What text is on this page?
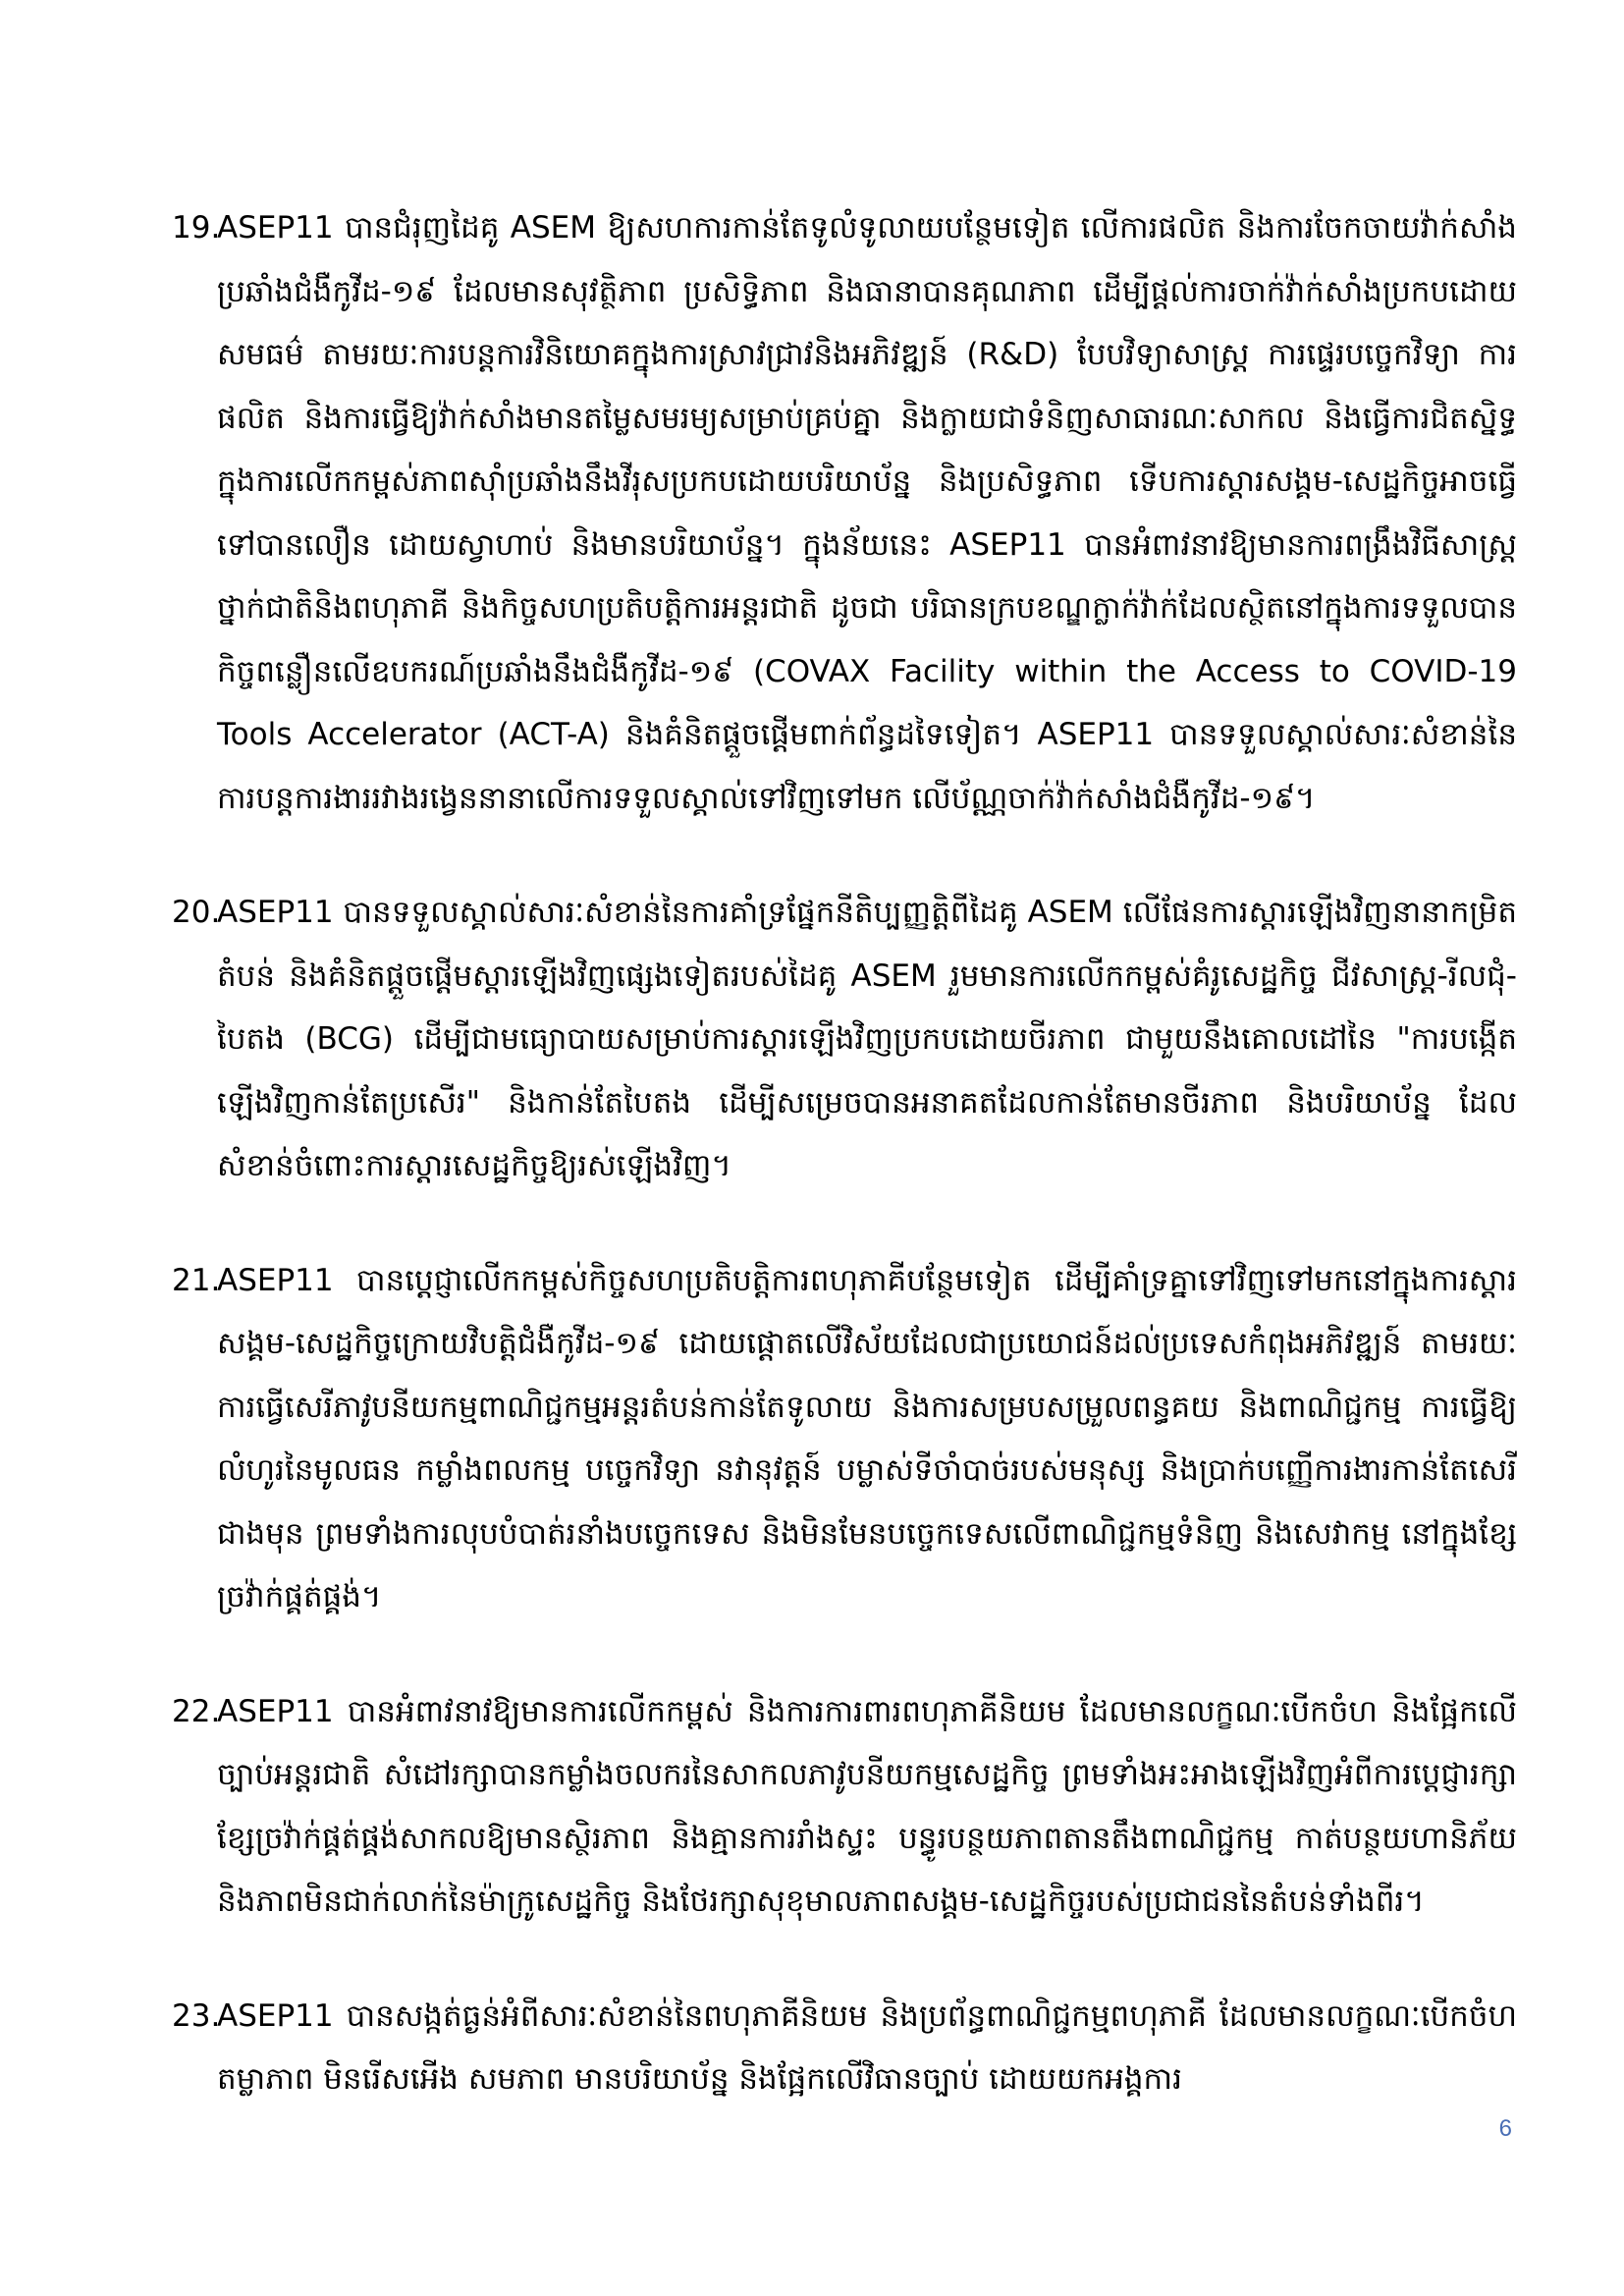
19.
ASEP11 បានជំរុញដៃគូ ASEM ឱ្យសហការកាន់តែទូលំទូលាយបន្ថែមទៀត លើការផលិត និងការចែកចាយវ៉ាក់សាំងប្រឆាំងជំងឺកូវីដ-១៩ ដែលមានសុវត្ថិភាព ប្រសិទ្ធិភាព និងធានាបានគុណភាព ដើម្បីផ្តល់ការចាក់វ៉ាក់សាំងប្រកបដោយសមធម៌ តាមរយៈការបន្តការវិនិយោគក្នុងការស្រាវជ្រាវនិងអភិវឌ្ឍន៍ (R&D) បែបវិទ្យាសាស្ត្រ ការផ្ទេរបច្ចេកវិទ្យា ការផលិត និងការធ្វើឱ្យវ៉ាក់សាំងមានតម្លៃសមរម្យសម្រាប់គ្រប់គ្នា និងក្លាយជាទំនិញសាធារណៈសាកល និងធ្វើការជិតស្និទ្ធក្នុងការលើកកម្ពស់ភាពស៊ាំប្រឆាំងនឹងវីរុសប្រកបដោយបរិយាប័ន្ន និងប្រសិទ្ធភាព ទើបការស្តារសង្គម-សេដ្ឋកិច្ចអាចធ្វើទៅបានលឿន ដោយស្វាហាប់ និងមានបរិយាប័ន្ន។ ក្នុងន័យនេះ ASEP11 បានអំពាវនាវឱ្យមានការពង្រឹងវិធីសាស្ត្រថ្នាក់ជាតិនិងពហុភាគី និងកិច្ចសហប្រតិបត្តិការអន្តរជាតិ ដូចជា បរិធានក្របខណ្ឌក្លាក់វ៉ាក់ដែលស្ថិតនៅក្នុងការទទួលបានកិច្ចពន្លឿនលើឧបករណ៍ប្រឆាំងនឹងជំងឺកូវីដ-១៩ (COVAX Facility within the Access to COVID-19 Tools Accelerator (ACT-A) និងគំនិតផ្តួចផ្តើមពាក់ព័ន្ធដទៃទៀត។ ASEP11 បានទទួលស្គាល់សារៈសំខាន់នៃការបន្តការងាររវាងរង្វេននានាលើការទទួលស្គាល់ទៅវិញទៅមក លើប័ណ្ណចាក់វ៉ាក់សាំងជំងឺកូវីដ-១៩។

20.
ASEP11 បានទទួលស្គាល់សារៈសំខាន់នៃការគាំទ្រផ្នែកនីតិប្បញ្ញត្តិពីដៃគូ ASEM លើផែនការស្តារឡើងវិញនានាកម្រិតតំបន់ និងគំនិតផ្តួចផ្តើមស្តារឡើងវិញផ្សេងទៀតរបស់ដៃគូ ASEM រួមមានការលើកកម្ពស់គំរូសេដ្ឋកិច្ច ជីវសាស្ត្រ-រីលជុំ-បៃតង (BCG) ដើម្បីជាមធ្យោបាយសម្រាប់ការស្តារឡើងវិញប្រកបដោយចីរភាព ជាមួយនឹងគោលដៅនៃ "ការបង្កើតឡើងវិញកាន់តែប្រសើរ" និងកាន់តែបៃតង ដើម្បីសម្រេចបានអនាគតដែលកាន់តែមានចីរភាព និងបរិយាប័ន្ន ដែលសំខាន់ចំពោះការស្តារសេដ្ឋកិច្ចឱ្យរស់ឡើងវិញ។

21.
ASEP11 បានប្តេជ្ញាលើកកម្ពស់កិច្ចសហប្រតិបត្តិការពហុភាគីបន្ថែមទៀត ដើម្បីគាំទ្រគ្នាទៅវិញទៅមកនៅក្នុងការស្តារសង្គម-សេដ្ឋកិច្ចក្រោយវិបត្តិជំងឺកូវីដ-១៩ ដោយផ្តោតលើវិស័យដែលជាប្រយោជន៍ដល់ប្រទេសកំពុងអភិវឌ្ឍន៍ តាមរយៈការធ្វើសេរីភាវូបនីយកម្មពាណិជ្ជកម្មអន្តរតំបន់កាន់តែទូលាយ និងការសម្របសម្រួលពន្ធគយ និងពាណិជ្ជកម្ម ការធ្វើឱ្យលំហូរនៃមូលធន កម្លាំងពលកម្ម បច្ចេកវិទ្យា នវានុវត្តន៍ បម្លាស់ទីចាំបាច់របស់មនុស្ស និងប្រាក់បញ្ញើការងារកាន់តែសេរីជាងមុន ព្រមទាំងការលុបបំបាត់រនាំងបច្ចេកទេស និងមិនមែនបច្ចេកទេសលើពាណិជ្ជកម្មទំនិញ និងសេវាកម្ម នៅក្នុងខ្សែច្រវ៉ាក់ផ្គត់ផ្គង់។

22.
ASEP11 បានអំពាវនាវឱ្យមានការលើកកម្ពស់ និងការការពារពហុភាគីនិយម ដែលមានលក្ខណៈបើកចំហ និងផ្អែកលើច្បាប់អន្តរជាតិ សំដៅរក្សាបានកម្លាំងចលករនៃសាកលភាវូបនីយកម្មសេដ្ឋកិច្ច ព្រមទាំងអះអាងឡើងវិញអំពីការប្តេជ្ញារក្សាខ្សែច្រវ៉ាក់ផ្គត់ផ្គង់សាកលឱ្យមានស្ថិរភាព និងគ្មានការរាំងស្ទះ បន្ធូរបន្ថយភាពតានតឹងពាណិជ្ជកម្ម កាត់បន្ថយហានិភ័យនិងភាពមិនជាក់លាក់នៃម៉ាក្រូសេដ្ឋកិច្ច និងថែរក្សាសុខុមាលភាពសង្គម-សេដ្ឋកិច្ចរបស់ប្រជាជននៃតំបន់ទាំងពីរ។

23.
ASEP11 បានសង្កត់ធ្ងន់អំពីសារៈសំខាន់នៃពហុភាគីនិយម និងប្រព័ន្ធពាណិជ្ជកម្មពហុភាគី ដែលមានលក្ខណៈបើកចំហ តម្លាភាព មិនរើសអើង សមភាព មានបរិយាប័ន្ន និងផ្អែកលើវិធានច្បាប់ ដោយយកអង្គការ

6
